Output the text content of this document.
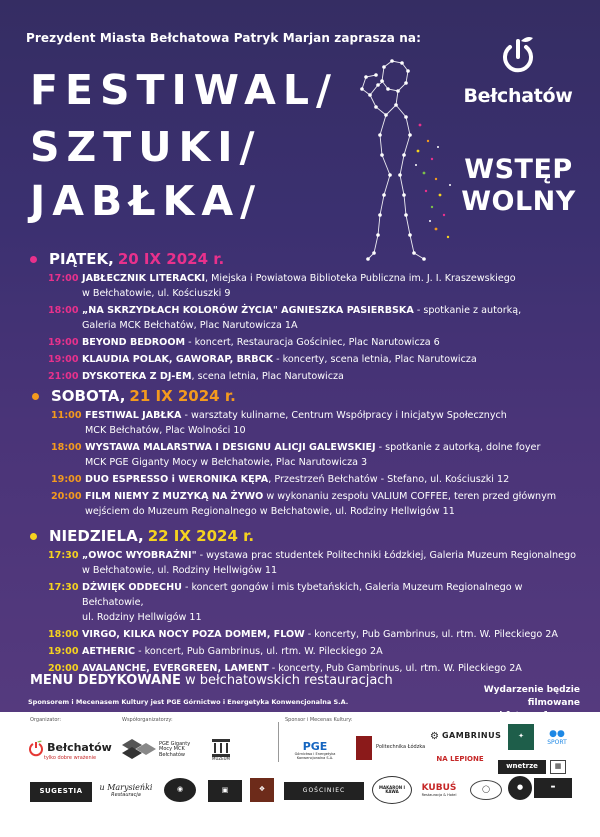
Prezydent Miasta Bełchatowa Patryk Marjan zaprasza na:
FESTIWAL/
SZTUKI/
JABŁKA/
Bełchatów
WSTĘP
WOLNY
PIĄTEK, 20 IX 2024 r.
17:00 JABŁECZNIK LITERACKI, Miejska i Powiatowa Biblioteka Publiczna im. J. I. Kraszewskiego
w Bełchatowie, ul. Kościuszki 9
18:00 „NA SKRZYDŁACH KOLORÓW ŻYCIA" AGNIESZKA PASIERBSKA - spotkanie z autorką,
Galeria MCK Bełchatów, Plac Narutowicza 1A
19:00 BEYOND BEDROOM - koncert, Restauracja Gościniec, Plac Narutowicza 6
19:00 KLAUDIA POLAK, GAWORAP, BRBCK - koncerty, scena letnia, Plac Narutowicza
21:00 DYSKOTEKA Z DJ-EM, scena letnia, Plac Narutowicza
SOBOTA, 21 IX 2024 r.
11:00 FESTIWAL JABŁKA - warsztaty kulinarne, Centrum Współpracy i Inicjatyw Społecznych
MCK Bełchatów, Plac Wolności 10
18:00 WYSTAWA MALARSTWA I DESIGNU ALICJI GALEWSKIEJ - spotkanie z autorką, dolne foyer
MCK PGE Giganty Mocy w Bełchatowie, Plac Narutowicza 3
19:00 DUO ESPRESSO i WERONIKA KĘPA, Przestrzeń Bełchatów - Stefano, ul. Kościuszki 12
20:00 FILM NIEMY Z MUZYKĄ NA ŻYWO w wykonaniu zespołu VALIUM COFFEE, teren przed głównym
wejściem do Muzeum Regionalnego w Bełchatowie, ul. Rodziny Hellwigów 11
NIEDZIELA, 22 IX 2024 r.
17:30 „OWOC WYOBRAŹNI" - wystawa prac studentek Politechniki Łódzkiej, Galeria Muzeum Regionalnego
w Bełchatowie, ul. Rodziny Hellwigów 11
17:30 DŹWIĘK ODDECHU - koncert gongów i mis tybetańskich, Galeria Muzeum Regionalnego w Bełchatowie,
ul. Rodziny Hellwigów 11
18:00 VIRGO, KILKA NOCY POZA DOMEM, FLOW - koncerty, Pub Gambrinus, ul. rtm. W. Pileckiego 2A
19:00 AETHERIC - koncert, Pub Gambrinus, ul. rtm. W. Pileckiego 2A
20:00 AVALANCHE, EVERGREEN, LAMENT - koncerty, Pub Gambrinus, ul. rtm. W. Pileckiego 2A
MENU DEDYKOWANE w bełchatowskich restauracjach
Sponsorem i Mecenasem Kultury jest PGE Górnictwo i Energetyka Konwencjonalna S.A.
Wydarzenie będzie filmowane
Organizator:	Współorganizatorzy:	Sponsor i Mecenas Kultury:
Bełchatów
tylko dobre wrażenie
PGE Giganty Mocy MCK Bełchatów
MUZEUM
PGE
Górnictwo i Energetyka Konwencjonalna S.A.
Politechnika Łódzka
⚙ GAMBRINUS	✦	●●
SPORT
NA LEPIONE
wnetrze	▦
SUGESTIA u Marysieńki
Restauracja
◉	▣	❖	GOŚCINIEC	MAKARON I KAWA	KUBUŚ
Restauracja & Hotel
◯	●	▬
